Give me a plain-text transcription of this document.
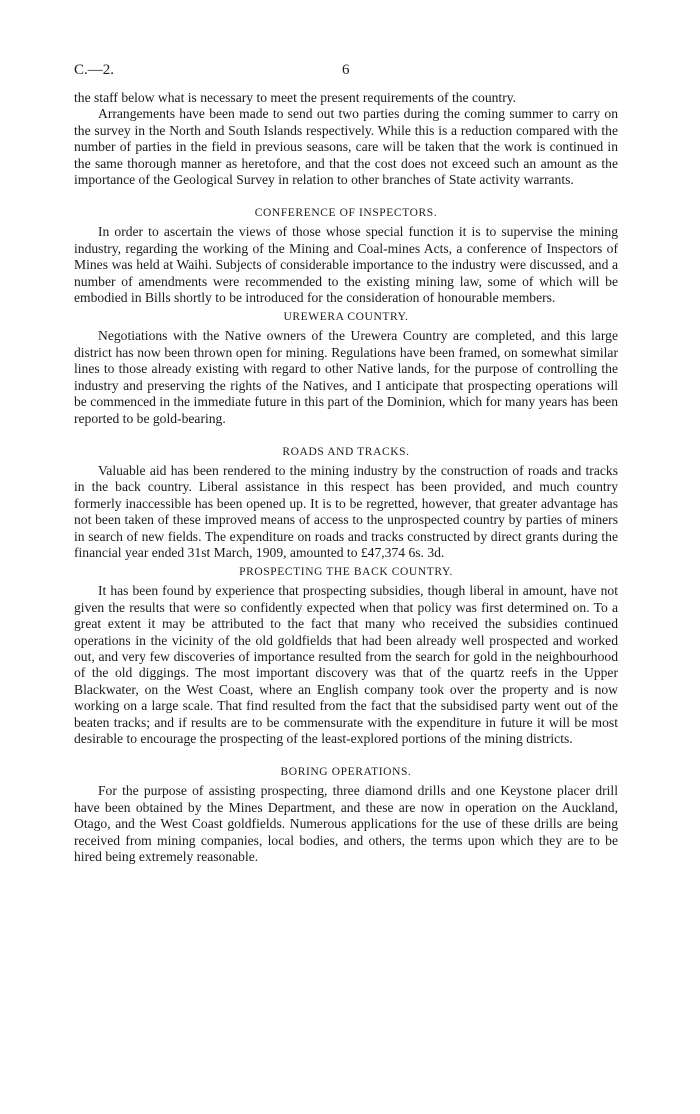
C.—2.	6

the staff below what is necessary to meet the present requirements of the country.

Arrangements have been made to send out two parties during the coming summer to carry on the survey in the North and South Islands respectively. While this is a reduction compared with the number of parties in the field in previous seasons, care will be taken that the work is continued in the same thorough manner as heretofore, and that the cost does not exceed such an amount as the importance of the Geological Survey in relation to other branches of State activity warrants.

CONFERENCE OF INSPECTORS.

In order to ascertain the views of those whose special function it is to supervise the mining industry, regarding the working of the Mining and Coal-mines Acts, a conference of Inspectors of Mines was held at Waihi. Subjects of considerable importance to the industry were discussed, and a number of amendments were recommended to the existing mining law, some of which will be embodied in Bills shortly to be introduced for the consideration of honourable members.

UREWERA COUNTRY.

Negotiations with the Native owners of the Urewera Country are completed, and this large district has now been thrown open for mining. Regulations have been framed, on somewhat similar lines to those already existing with regard to other Native lands, for the purpose of controlling the industry and preserving the rights of the Natives, and I anticipate that prospecting operations will be commenced in the immediate future in this part of the Dominion, which for many years has been reported to be gold-bearing.

ROADS AND TRACKS.

Valuable aid has been rendered to the mining industry by the construction of roads and tracks in the back country. Liberal assistance in this respect has been provided, and much country formerly inaccessible has been opened up. It is to be regretted, however, that greater advantage has not been taken of these improved means of access to the unprospected country by parties of miners in search of new fields. The expenditure on roads and tracks constructed by direct grants during the financial year ended 31st March, 1909, amounted to £47,374 6s. 3d.

PROSPECTING THE BACK COUNTRY.

It has been found by experience that prospecting subsidies, though liberal in amount, have not given the results that were so confidently expected when that policy was first determined on. To a great extent it may be attributed to the fact that many who received the subsidies continued operations in the vicinity of the old goldfields that had been already well prospected and worked out, and very few discoveries of importance resulted from the search for gold in the neighbourhood of the old diggings. The most important discovery was that of the quartz reefs in the Upper Blackwater, on the West Coast, where an English company took over the property and is now working on a large scale. That find resulted from the fact that the subsidised party went out of the beaten tracks; and if results are to be commensurate with the expenditure in future it will be most desirable to encourage the prospecting of the least-explored portions of the mining districts.

BORING OPERATIONS.

For the purpose of assisting prospecting, three diamond drills and one Keystone placer drill have been obtained by the Mines Department, and these are now in operation on the Auckland, Otago, and the West Coast goldfields. Numerous applications for the use of these drills are being received from mining companies, local bodies, and others, the terms upon which they are to be hired being extremely reasonable.
